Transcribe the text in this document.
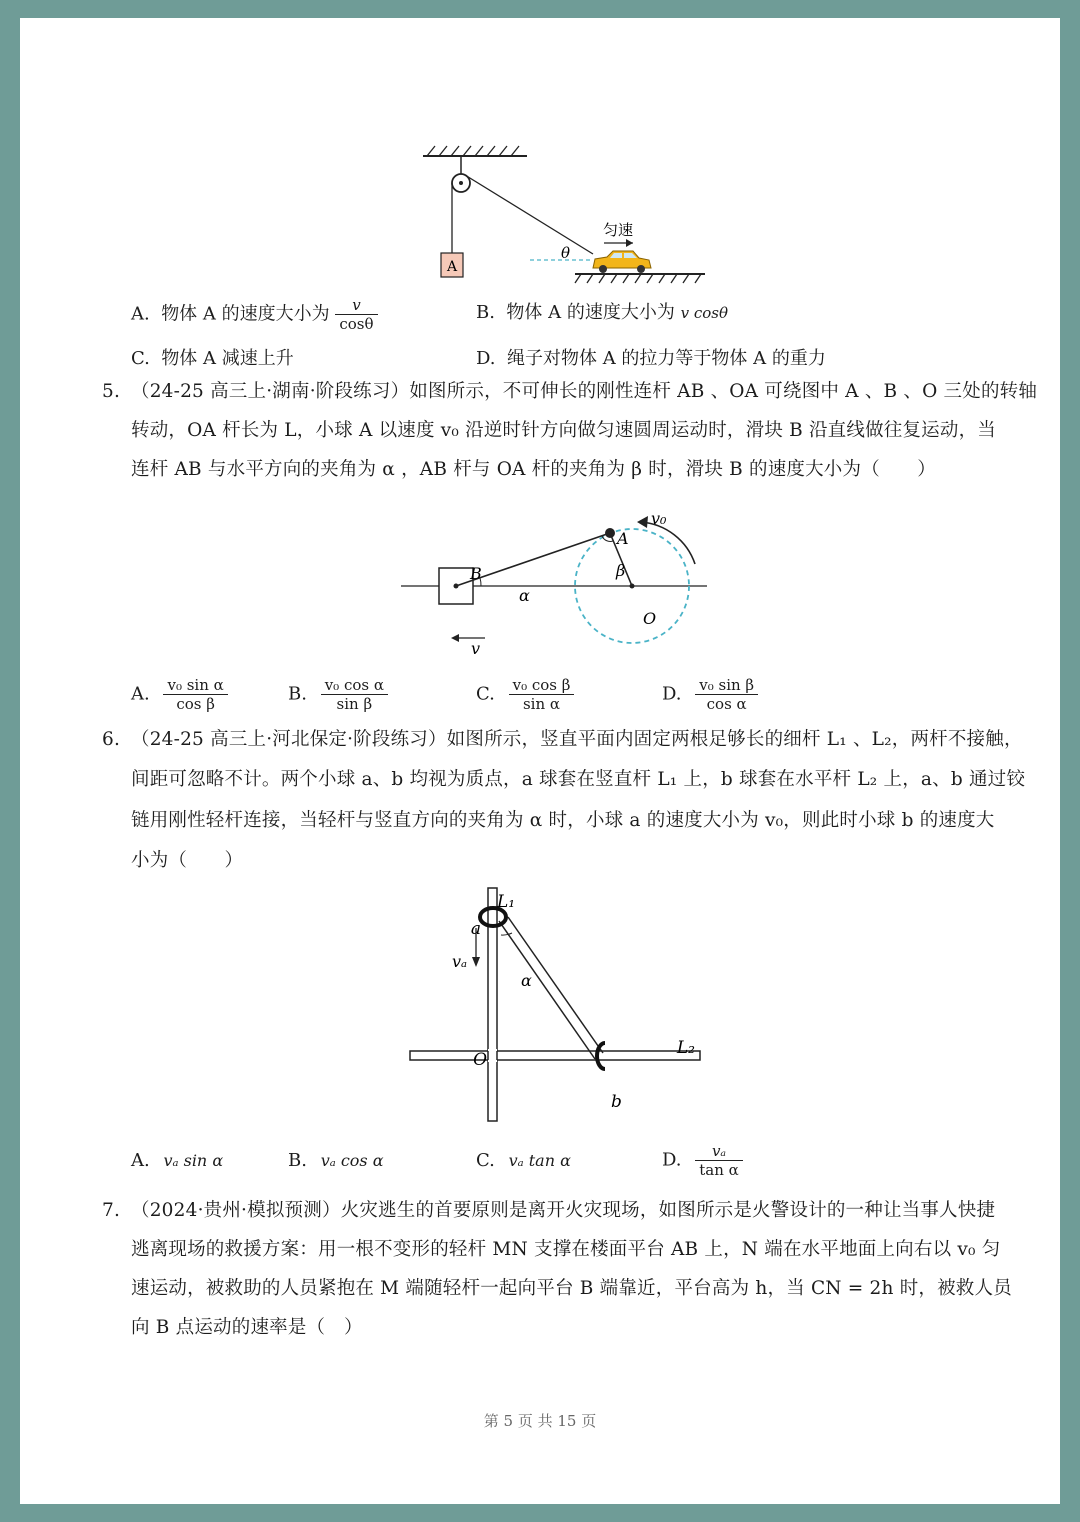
A
θ
匀速
A. 物体 A 的速度大小为 $\frac{v}{\cos\theta}$	B. 物体 A 的速度大小为 v cosθ
C. 物体 A 减速上升	D. 绳子对物体 A 的拉力等于物体 A 的重力
5. （24-25 高三上·湖南·阶段练习）如图所示，不可伸长的刚性连杆 AB 、OA 可绕图中 A 、B 、O 三处的转轴
转动，OA 杆长为 L，小球 A 以速度 v₀ 沿逆时针方向做匀速圆周运动时，滑块 B 沿直线做往复运动，当
连杆 AB 与水平方向的夹角为 α ，AB 杆与 OA 杆的夹角为 β 时，滑块 B 的速度大小为（　　）
B
A
O
v₀
v
α
β
A. $\frac{\text{v₀ sin α}}{\text{cos β}}$	B. $\frac{\text{v₀ cos α}}{\text{sin β}}$	C. $\frac{\text{v₀ cos β}}{\text{sin α}}$	D. $\frac{\text{v₀ sin β}}{\text{cos α}}$
6. （24-25 高三上·河北保定·阶段练习）如图所示，竖直平面内固定两根足够长的细杆 L₁ 、L₂，两杆不接触，
间距可忽略不计。两个小球 a、b 均视为质点，a 球套在竖直杆 L₁ 上，b 球套在水平杆 L₂ 上，a、b 通过铰
链用刚性轻杆连接，当轻杆与竖直方向的夹角为 α 时，小球 a 的速度大小为 v₀，则此时小球 b 的速度大
小为（　　）
L₁
L₂
a
b
O
vₐ
α
A. vₐ sin α	B. vₐ cos α	C. vₐ tan α	D. $\frac{\text{vₐ}}{\text{tan α}}$
7. （2024·贵州·模拟预测）火灾逃生的首要原则是离开火灾现场，如图所示是火警设计的一种让当事人快捷
逃离现场的救援方案：用一根不变形的轻杆 MN 支撑在楼面平台 AB 上，N 端在水平地面上向右以 v₀ 匀
速运动，被救助的人员紧抱在 M 端随轻杆一起向平台 B 端靠近，平台高为 h，当 CN = 2h 时，被救人员
向 B 点运动的速率是（　）
第 5 页 共 15 页
